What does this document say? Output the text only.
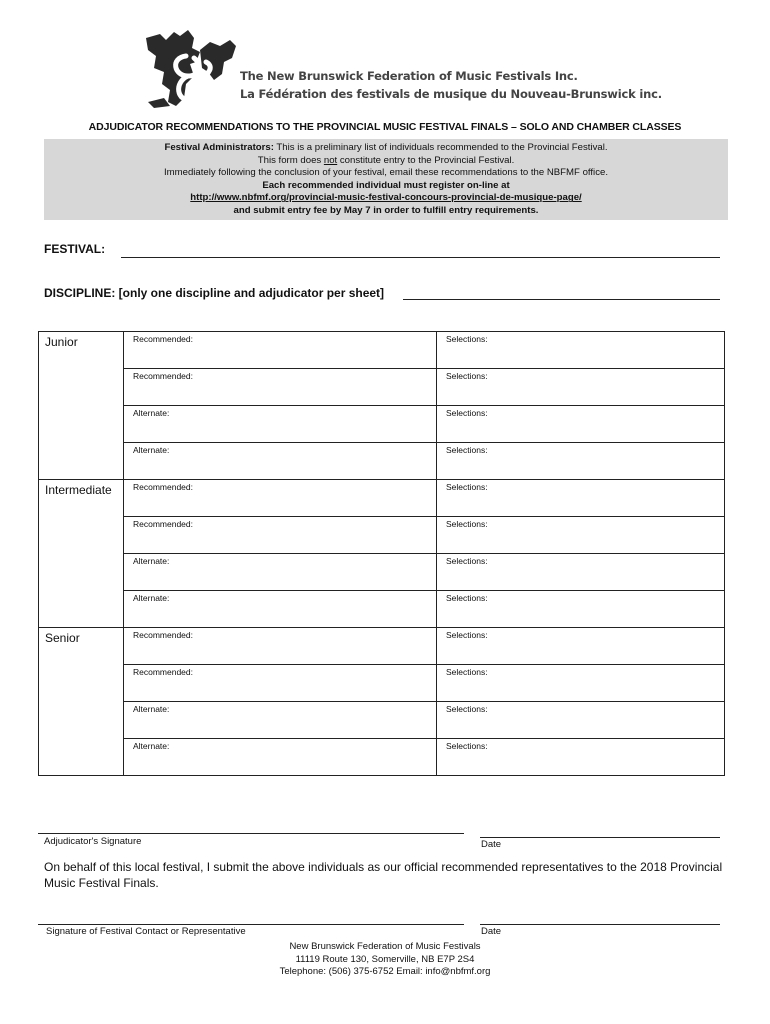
The New Brunswick Federation of Music Festivals Inc.
La Fédération des festivals de musique du Nouveau-Brunswick inc.
ADJUDICATOR RECOMMENDATIONS TO THE PROVINCIAL MUSIC FESTIVAL FINALS – SOLO AND CHAMBER CLASSES
Festival Administrators: This is a preliminary list of individuals recommended to the Provincial Festival.
This form does not constitute entry to the Provincial Festival.
Immediately following the conclusion of your festival, email these recommendations to the NBFMF office.
Each recommended individual must register on-line at
http://www.nbfmf.org/provincial-music-festival-concours-provincial-de-musique-page/
and submit entry fee by May 7 in order to fulfill entry requirements.
FESTIVAL:
DISCIPLINE: [only one discipline and adjudicator per sheet]
Junior	Recommended:	Selections:

	Recommended:	Selections:

	Alternate:	Selections:

	Alternate:	Selections:

Intermediate	Recommended:	Selections:

	Recommended:	Selections:

	Alternate:	Selections:

	Alternate:	Selections:

Senior	Recommended:	Selections:

	Recommended:	Selections:

	Alternate:	Selections:

	Alternate:	Selections:
Adjudicator's Signature	Date
On behalf of this local festival, I submit the above individuals as our official recommended representatives to the 2018 Provincial Music Festival Finals.
Signature of Festival Contact or Representative	Date
New Brunswick Federation of Music Festivals
11119 Route 130, Somerville, NB E7P 2S4
Telephone: (506) 375-6752 Email: info@nbfmf.org
